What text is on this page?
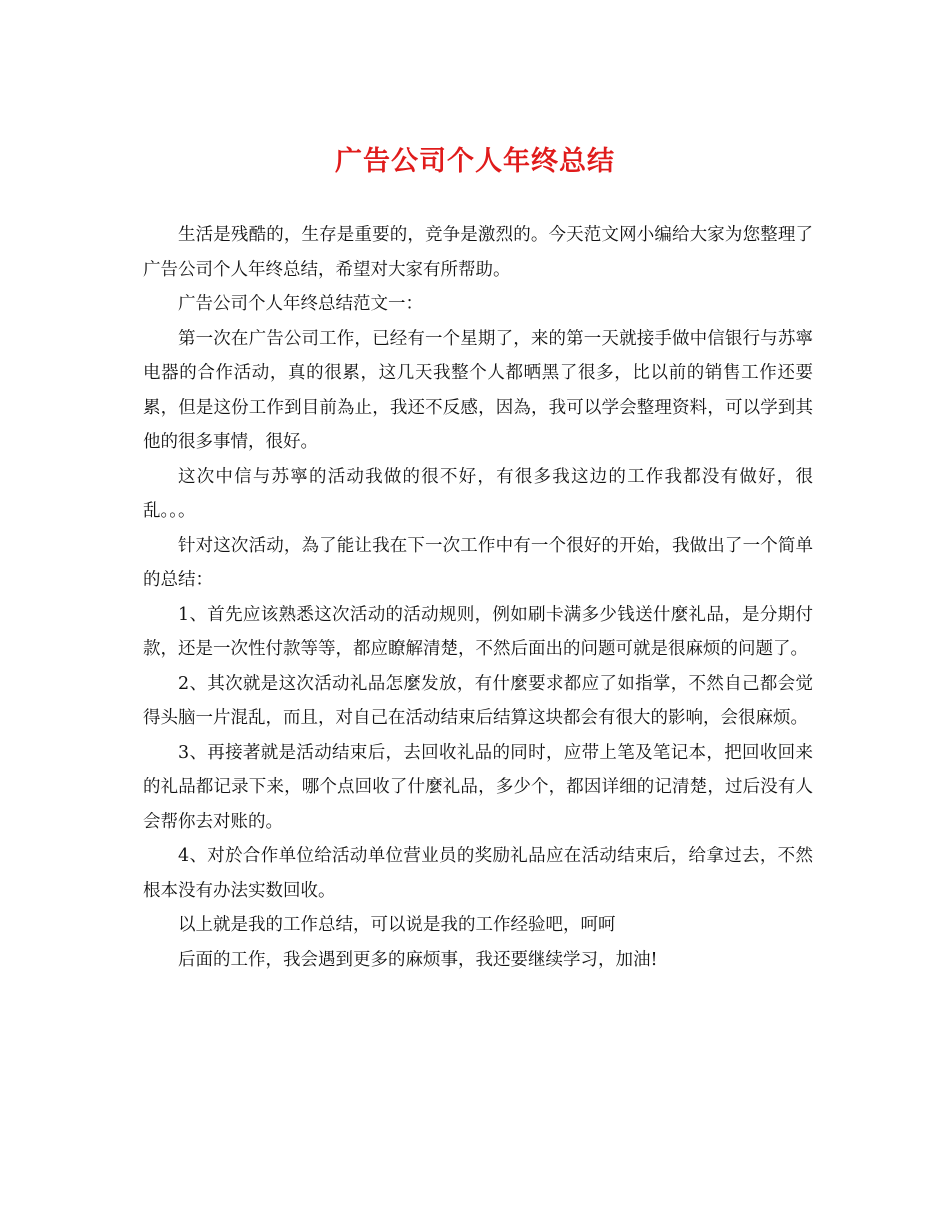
广告公司个人年终总结

生活是残酷的，生存是重要的，竞争是激烈的。今天范文网小编给大家为您整理了广告公司个人年终总结，希望对大家有所帮助。

广告公司个人年终总结范文一：

第一次在广告公司工作，已经有一个星期了，来的第一天就接手做中信银行与苏寧电器的合作活动，真的很累，这几天我整个人都晒黑了很多，比以前的销售工作还要累，但是这份工作到目前為止，我还不反感，因為，我可以学会整理资料，可以学到其他的很多事情，很好。

这次中信与苏寧的活动我做的很不好，有很多我这边的工作我都没有做好，很乱。。。

针对这次活动，為了能让我在下一次工作中有一个很好的开始，我做出了一个简单的总结：

1、首先应该熟悉这次活动的活动规则，例如刷卡满多少钱送什麼礼品，是分期付款，还是一次性付款等等，都应瞭解清楚，不然后面出的问题可就是很麻烦的问题了。

2、其次就是这次活动礼品怎麼发放，有什麼要求都应了如指掌，不然自己都会觉得头脑一片混乱，而且，对自己在活动结束后结算这块都会有很大的影响，会很麻烦。

3、再接著就是活动结束后，去回收礼品的同时，应带上笔及笔记本，把回收回来的礼品都记录下来，哪个点回收了什麼礼品，多少个，都因详细的记清楚，过后没有人会帮你去对账的。

4、对於合作单位给活动单位营业员的奖励礼品应在活动结束后，给拿过去，不然根本没有办法实数回收。

以上就是我的工作总结，可以说是我的工作经验吧，呵呵

后面的工作，我会遇到更多的麻烦事，我还要继续学习，加油!
